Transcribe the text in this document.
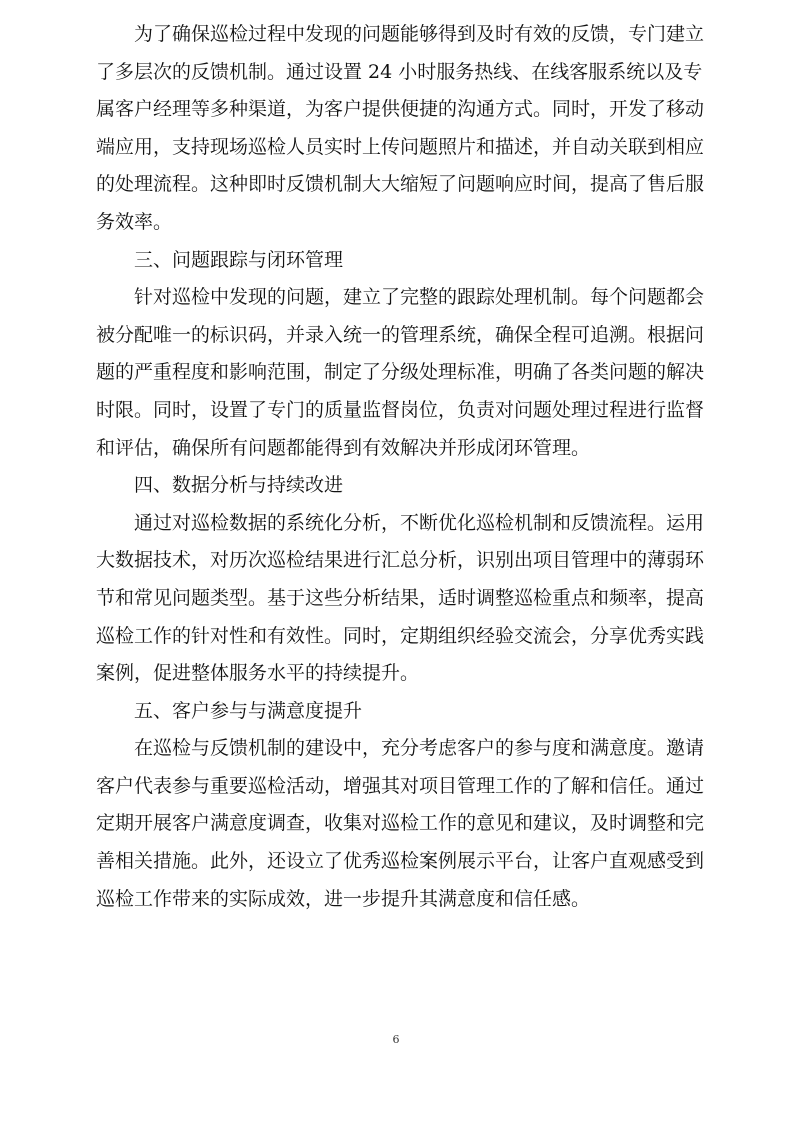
为了确保巡检过程中发现的问题能够得到及时有效的反馈，专门建立
了多层次的反馈机制。通过设置 24 小时服务热线、在线客服系统以及专
属客户经理等多种渠道，为客户提供便捷的沟通方式。同时，开发了移动
端应用，支持现场巡检人员实时上传问题照片和描述，并自动关联到相应
的处理流程。这种即时反馈机制大大缩短了问题响应时间，提高了售后服
务效率。
三、问题跟踪与闭环管理
针对巡检中发现的问题，建立了完整的跟踪处理机制。每个问题都会
被分配唯一的标识码，并录入统一的管理系统，确保全程可追溯。根据问
题的严重程度和影响范围，制定了分级处理标准，明确了各类问题的解决
时限。同时，设置了专门的质量监督岗位，负责对问题处理过程进行监督
和评估，确保所有问题都能得到有效解决并形成闭环管理。
四、数据分析与持续改进
通过对巡检数据的系统化分析，不断优化巡检机制和反馈流程。运用
大数据技术，对历次巡检结果进行汇总分析，识别出项目管理中的薄弱环
节和常见问题类型。基于这些分析结果，适时调整巡检重点和频率，提高
巡检工作的针对性和有效性。同时，定期组织经验交流会，分享优秀实践
案例，促进整体服务水平的持续提升。
五、客户参与与满意度提升
在巡检与反馈机制的建设中，充分考虑客户的参与度和满意度。邀请
客户代表参与重要巡检活动，增强其对项目管理工作的了解和信任。通过
定期开展客户满意度调查，收集对巡检工作的意见和建议，及时调整和完
善相关措施。此外，还设立了优秀巡检案例展示平台，让客户直观感受到
巡检工作带来的实际成效，进一步提升其满意度和信任感。
6
